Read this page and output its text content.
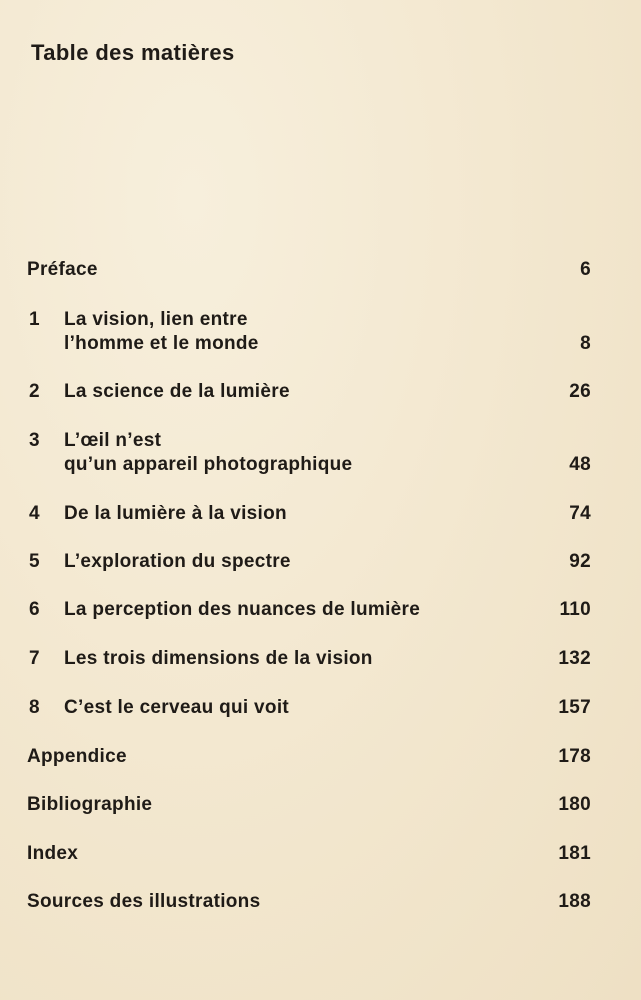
Table des matières
Préface	6
1 La vision, lien entre
l’homme et le monde	8
2 La science de la lumière	26
3 L’œil n’est
qu’un appareil photographique	48
4 De la lumière à la vision	74
5 L’exploration du spectre	92
6 La perception des nuances de lumière	110
7 Les trois dimensions de la vision	132
8 C’est le cerveau qui voit	157
Appendice	178
Bibliographie	180
Index	181
Sources des illustrations	188
